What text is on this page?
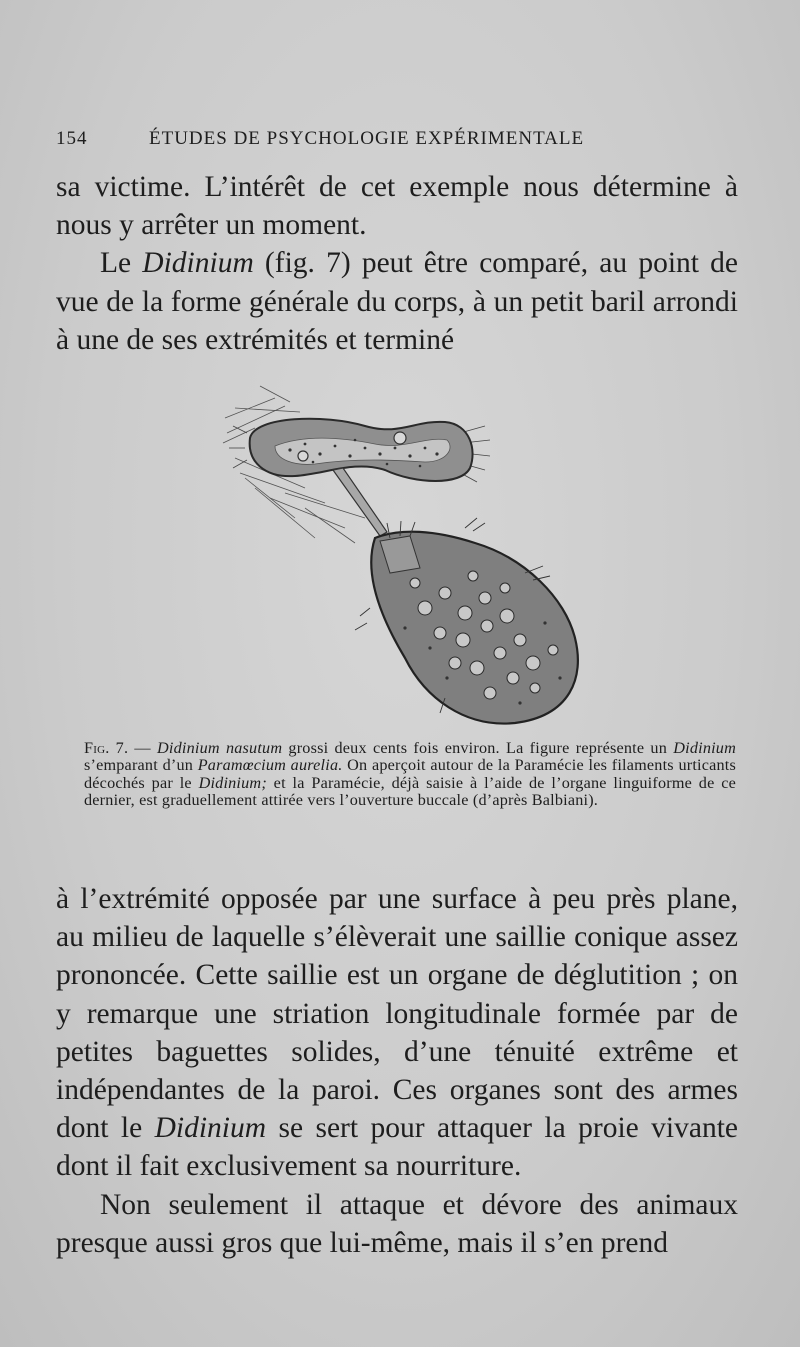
154	ÉTUDES DE PSYCHOLOGIE EXPÉRIMENTALE

sa victime. L’intérêt de cet exemple nous détermine à nous y arrêter un moment.

Le Didinium (fig. 7) peut être comparé, au point de vue de la forme générale du corps, à un petit baril arrondi à une de ses extrémités et terminé

Fig. 7. — Didinium nasutum grossi deux cents fois environ. La figure représente un Didinium s’emparant d’un Paramœcium aurelia. On aperçoit autour de la Paramécie les filaments urticants décochés par le Didinium; et la Paramécie, déjà saisie à l’aide de l’organe linguiforme de ce dernier, est graduellement attirée vers l’ouverture buccale (d’après Balbiani).

à l’extrémité opposée par une surface à peu près plane, au milieu de laquelle s’élèverait une saillie conique assez prononcée. Cette saillie est un organe de déglutition ; on y remarque une striation longitudinale formée par de petites baguettes solides, d’une ténuité extrême et indépendantes de la paroi. Ces organes sont des armes dont le Didinium se sert pour attaquer la proie vivante dont il fait exclusivement sa nourriture.

Non seulement il attaque et dévore des animaux presque aussi gros que lui-même, mais il s’en prend
